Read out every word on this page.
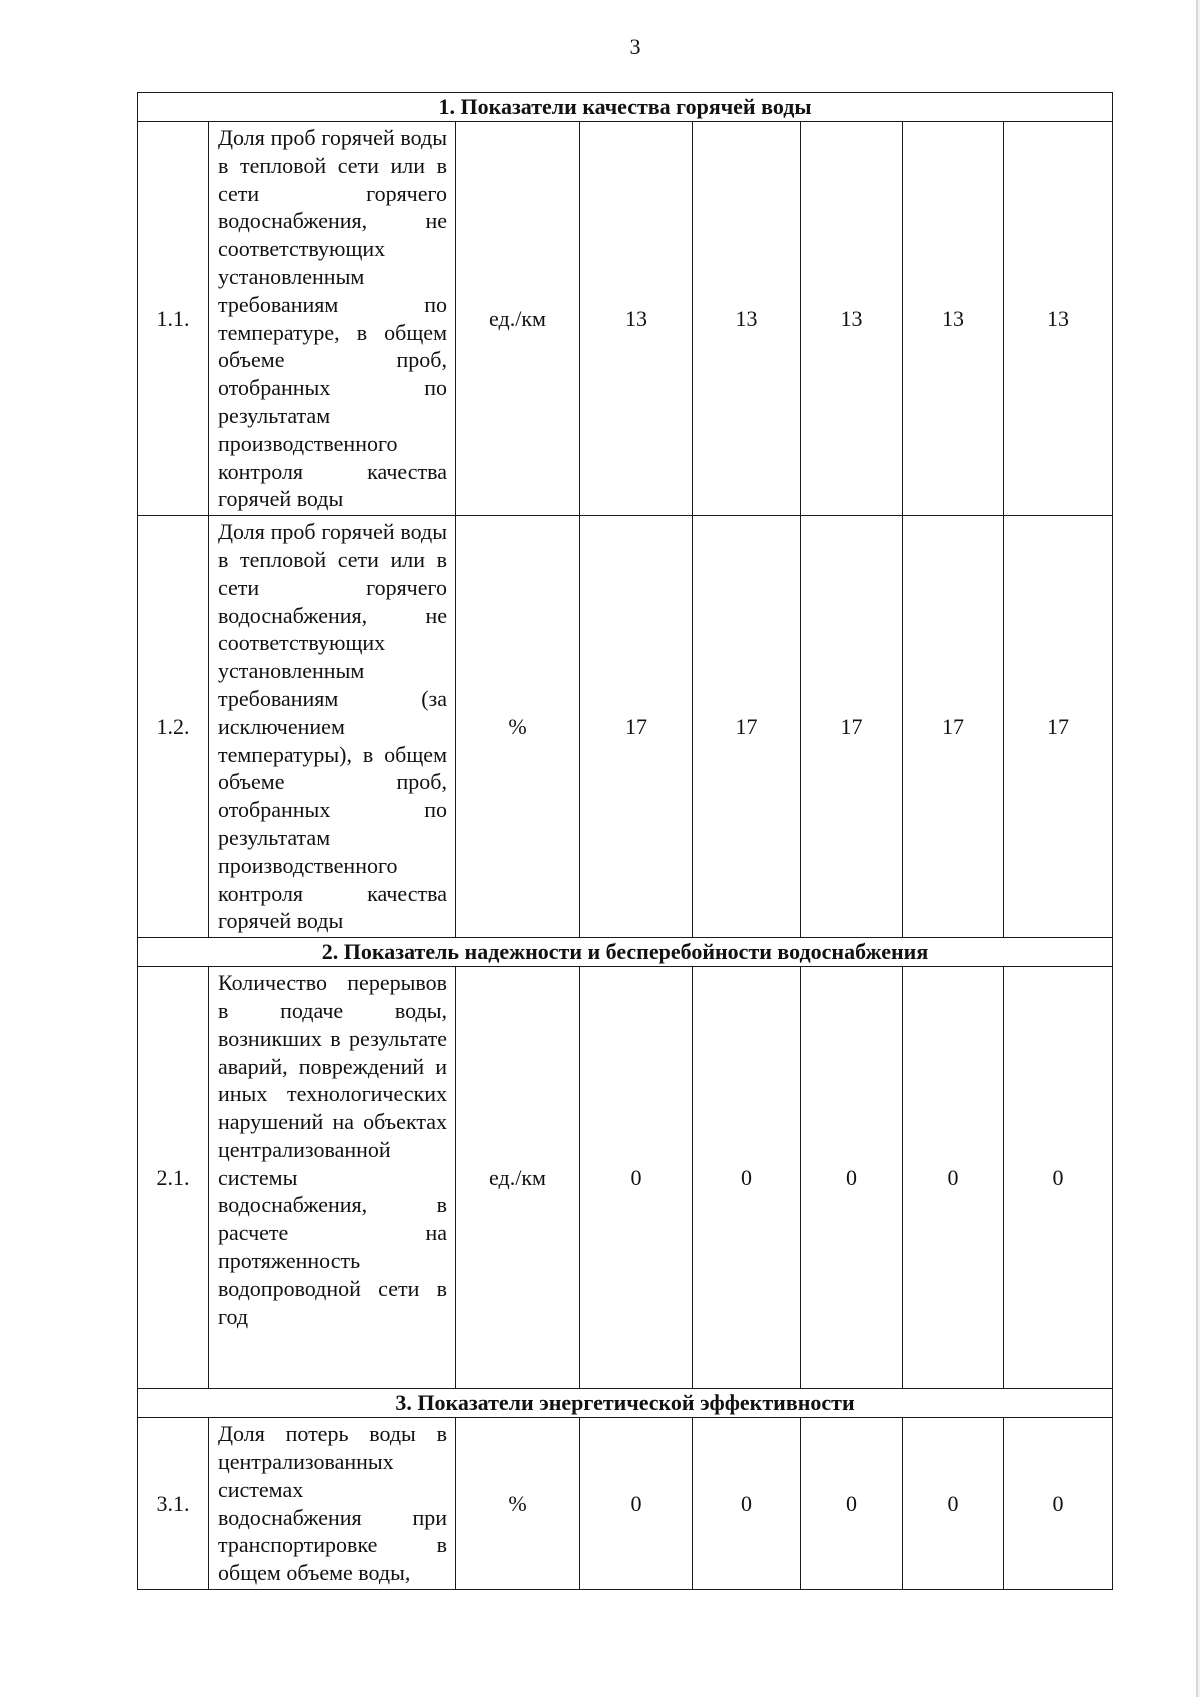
3
1. Показатели качества горячей воды							
1.1.	Доля проб горячей воды в тепловой сети или в сети горячего водоснабжения, не соответствующих установленным требованиям по температуре, в общем объеме проб, отобранных по результатам производственного контроля качества горячей воды	ед./км	13	13	13	13	13
1.2.	Доля проб горячей воды в тепловой сети или в сети горячего водоснабжения, не соответствующих установленным требованиям (за исключением температуры), в общем объеме проб, отобранных по результатам производственного контроля качества горячей воды	%	17	17	17	17	17
2. Показатель надежности и бесперебойности водоснабжения							
2.1.	Количество перерывов в подаче воды, возникших в результате аварий, повреждений и иных технологических нарушений на объектах централизованной системы водоснабжения, в расчете на протяженность водопроводной сети в год	ед./км	0	0	0	0	0
3. Показатели энергетической эффективности							
3.1.	Доля потерь воды в централизованных системах водоснабжения при транспортировке в общем объеме воды,	%	0	0	0	0	0
